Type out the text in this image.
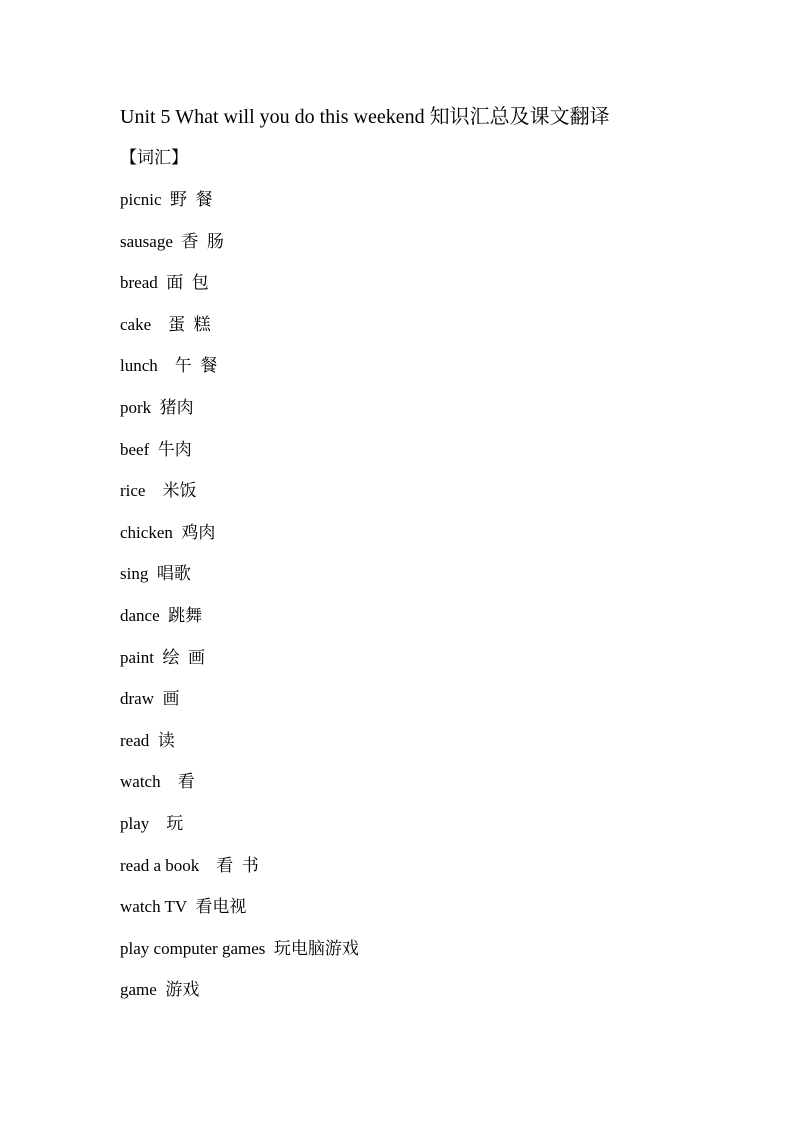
Unit 5 What will you do this weekend 知识汇总及课文翻译
【词汇】
picnic  野  餐
sausage  香  肠
bread  面  包
cake    蛋  糕
lunch    午  餐
pork  猪肉
beef  牛肉
rice    米饭
chicken  鸡肉
sing  唱歌
dance  跳舞
paint  绘  画
draw  画
read  读
watch    看
play    玩
read a book    看  书
watch TV  看电视
play computer games  玩电脑游戏
game  游戏
